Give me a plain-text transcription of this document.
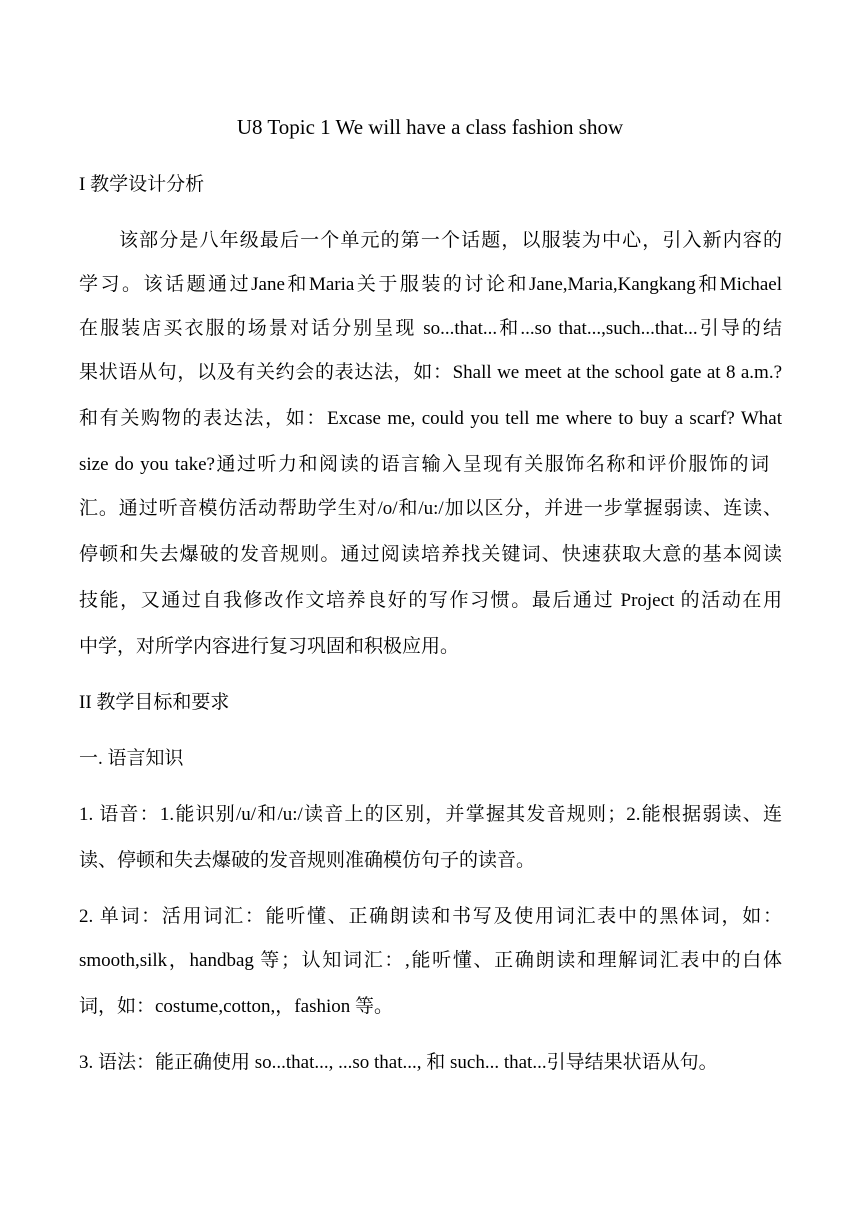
U8 Topic 1 We will have a class fashion show
I 教学设计分析
该部分是八年级最后一个单元的第一个话题，以服装为中心，引入新内容的
学习。该话题通过Jane和Maria关于服装的讨论和Jane,Maria,Kangkang和Michael
在服装店买衣服的场景对话分别呈现 so...that...和...so that...,such...that...引导的结
果状语从句，以及有关约会的表达法，如：Shall we meet at the school gate at 8 a.m.?
和有关购物的表达法，如：Excase me, could you tell me where to buy a scarf? What
size do you take?通过听力和阅读的语言输入呈现有关服饰名称和评价服饰的词
汇。通过听音模仿活动帮助学生对/o/和/u:/加以区分，并进一步掌握弱读、连读、
停顿和失去爆破的发音规则。通过阅读培养找关键词、快速获取大意的基本阅读
技能，又通过自我修改作文培养良好的写作习惯。最后通过 Project 的活动在用
中学，对所学内容进行复习巩固和积极应用。
II 教学目标和要求
一. 语言知识
1. 语音：1.能识别/u/和/u:/读音上的区别，并掌握其发音规则；2.能根据弱读、连
读、停顿和失去爆破的发音规则准确模仿句子的读音。
2. 单词：活用词汇：能听懂、正确朗读和书写及使用词汇表中的黑体词，如：
smooth,silk，handbag 等；认知词汇：,能听懂、正确朗读和理解词汇表中的白体
词，如：costume,cotton,，fashion 等。
3. 语法：能正确使用 so...that..., ...so that..., 和 such... that...引导结果状语从句。
